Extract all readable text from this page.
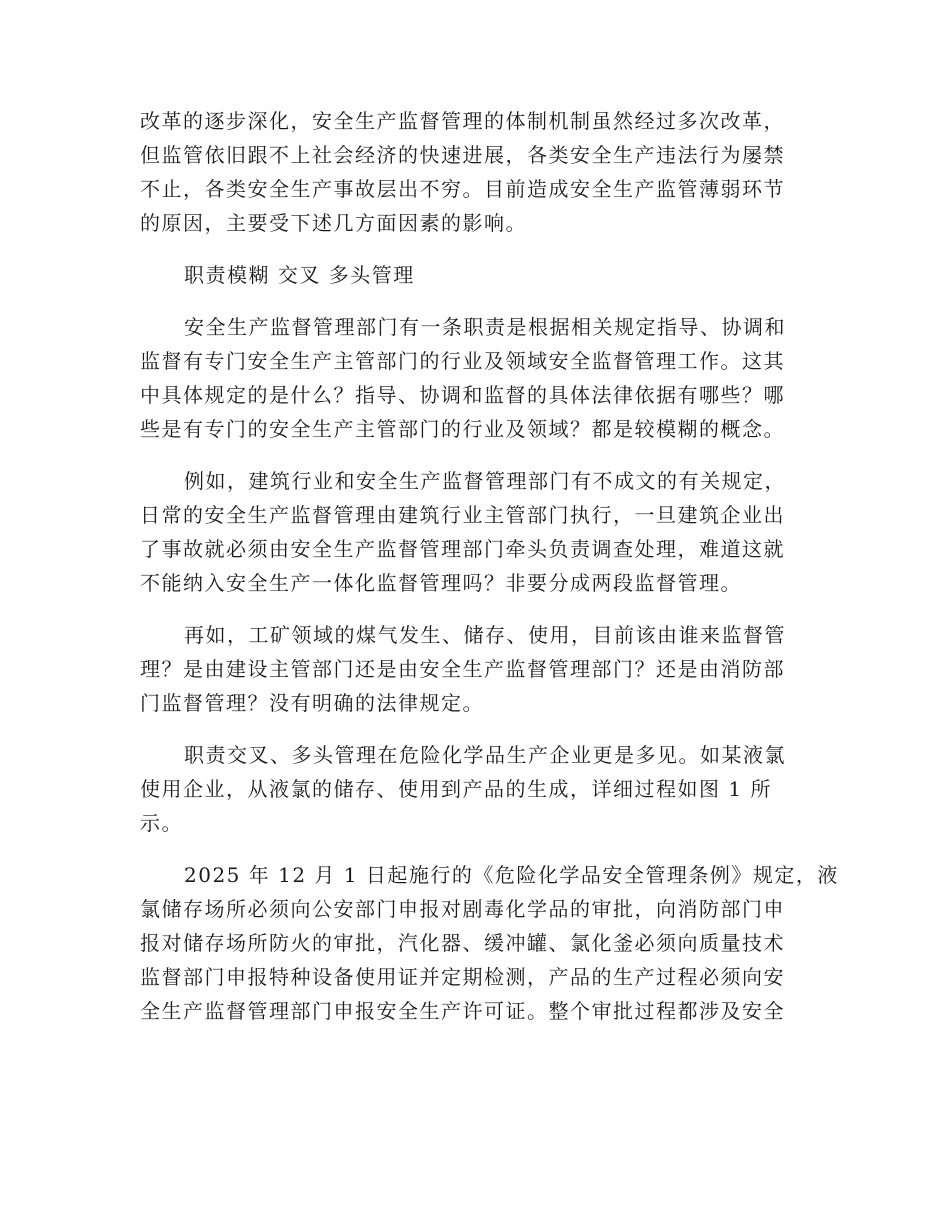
改革的逐步深化，安全生产监督管理的体制机制虽然经过多次改革，
但监管依旧跟不上社会经济的快速进展，各类安全生产违法行为屡禁
不止，各类安全生产事故层出不穷。目前造成安全生产监管薄弱环节
的原因，主要受下述几方面因素的影响。
职责模糊 交叉 多头管理
安全生产监督管理部门有一条职责是根据相关规定指导、协调和
监督有专门安全生产主管部门的行业及领域安全监督管理工作。这其
中具体规定的是什么？指导、协调和监督的具体法律依据有哪些？哪
些是有专门的安全生产主管部门的行业及领域？都是较模糊的概念。
例如，建筑行业和安全生产监督管理部门有不成文的有关规定，
日常的安全生产监督管理由建筑行业主管部门执行，一旦建筑企业出
了事故就必须由安全生产监督管理部门牵头负责调查处理，难道这就
不能纳入安全生产一体化监督管理吗？非要分成两段监督管理。
再如，工矿领域的煤气发生、储存、使用，目前该由谁来监督管
理？是由建设主管部门还是由安全生产监督管理部门？还是由消防部
门监督管理？没有明确的法律规定。
职责交叉、多头管理在危险化学品生产企业更是多见。如某液氯
使用企业，从液氯的储存、使用到产品的生成，详细过程如图 1 所
示。
2025 年 12 月 1 日起施行的《危险化学品安全管理条例》规定，液
氯储存场所必须向公安部门申报对剧毒化学品的审批，向消防部门申
报对储存场所防火的审批，汽化器、缓冲罐、氯化釜必须向质量技术
监督部门申报特种设备使用证并定期检测，产品的生产过程必须向安
全生产监督管理部门申报安全生产许可证。整个审批过程都涉及安全
